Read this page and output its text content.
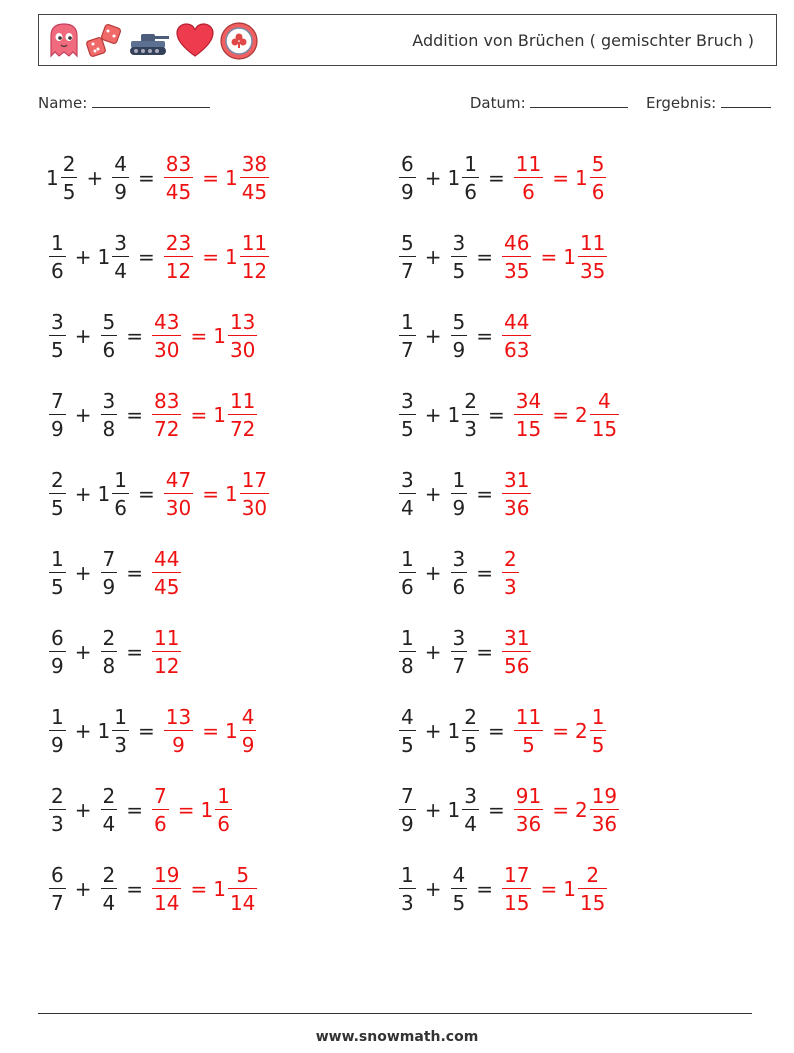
Addition von Brüchen ( gemischter Bruch )
Name:	Datum:	Ergebnis:
$1 \frac{2}{5} + \frac{4}{9} = \frac{83}{45} = 1 \frac{38}{45}$
$\frac{1}{6} + 1 \frac{3}{4} = \frac{23}{12} = 1 \frac{11}{12}$
$\frac{3}{5} + \frac{5}{6} = \frac{43}{30} = 1 \frac{13}{30}$
$\frac{7}{9} + \frac{3}{8} = \frac{83}{72} = 1 \frac{11}{72}$
$\frac{2}{5} + 1 \frac{1}{6} = \frac{47}{30} = 1 \frac{17}{30}$
$\frac{1}{5} + \frac{7}{9} = \frac{44}{45}$
$\frac{6}{9} + \frac{2}{8} = \frac{11}{12}$
$\frac{1}{9} + 1 \frac{1}{3} = \frac{13}{9} = 1 \frac{4}{9}$
$\frac{2}{3} + \frac{2}{4} = \frac{7}{6} = 1 \frac{1}{6}$
$\frac{6}{7} + \frac{2}{4} = \frac{19}{14} = 1 \frac{5}{14}$
$\frac{6}{9} + 1 \frac{1}{6} = \frac{11}{6} = 1 \frac{5}{6}$
$\frac{5}{7} + \frac{3}{5} = \frac{46}{35} = 1 \frac{11}{35}$
$\frac{1}{7} + \frac{5}{9} = \frac{44}{63}$
$\frac{3}{5} + 1 \frac{2}{3} = \frac{34}{15} = 2 \frac{4}{15}$
$\frac{3}{4} + \frac{1}{9} = \frac{31}{36}$
$\frac{1}{6} + \frac{3}{6} = \frac{2}{3}$
$\frac{1}{8} + \frac{3}{7} = \frac{31}{56}$
$\frac{4}{5} + 1 \frac{2}{5} = \frac{11}{5} = 2 \frac{1}{5}$
$\frac{7}{9} + 1 \frac{3}{4} = \frac{91}{36} = 2 \frac{19}{36}$
$\frac{1}{3} + \frac{4}{5} = \frac{17}{15} = 1 \frac{2}{15}$
www.snowmath.com
